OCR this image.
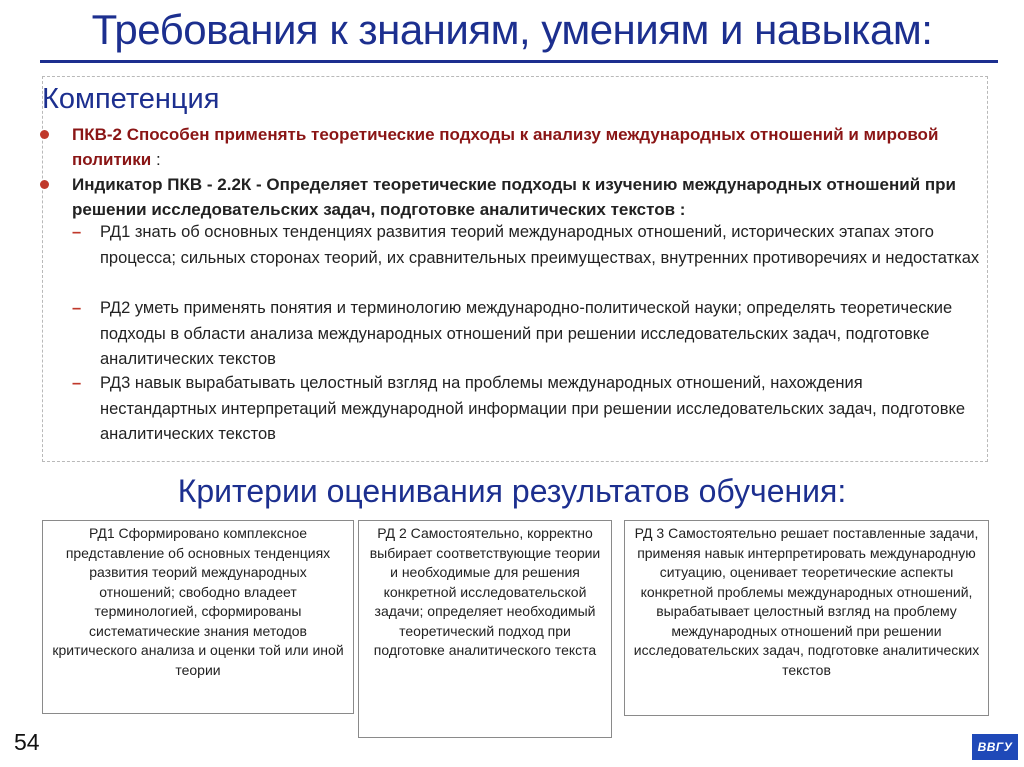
Требования к знаниям, умениям и навыкам:
Компетенция
ПКВ-2 Способен применять теоретические подходы к анализу международных отношений и мировой политики :
Индикатор ПКВ - 2.2К - Определяет теоретические подходы к изучению международных отношений при решении исследовательских задач, подготовке аналитических текстов :
– РД1 знать об основных тенденциях развития теорий международных отношений, исторических этапах этого процесса; сильных сторонах теорий, их сравнительных преимуществах, внутренних противоречиях и недостатках
– РД2 уметь применять понятия и терминологию международно-политической науки; определять теоретические подходы в области анализа международных отношений при решении исследовательских задач, подготовке аналитических текстов
– РД3 навык вырабатывать целостный взгляд на проблемы международных отношений, нахождения нестандартных интерпретаций международной информации при решении исследовательских задач, подготовке аналитических текстов
Критерии оценивания результатов обучения:
РД1 Сформировано комплексное представление об основных тенденциях развития теорий международных отношений; свободно владеет терминологией, сформированы систематические знания методов критического анализа и оценки той или иной теории
РД 2 Самостоятельно, корректно выбирает соответствующие теории и необходимые для решения конкретной исследовательской задачи; определяет необходимый теоретический подход при подготовке аналитического текста
РД 3 Самостоятельно решает поставленные задачи, применяя навык интерпретировать международную ситуацию, оценивает теоретические аспекты конкретной проблемы международных отношений, вырабатывает целостный взгляд на проблему международных отношений при решении исследовательских задач, подготовке аналитических текстов
54	ВВГУ
